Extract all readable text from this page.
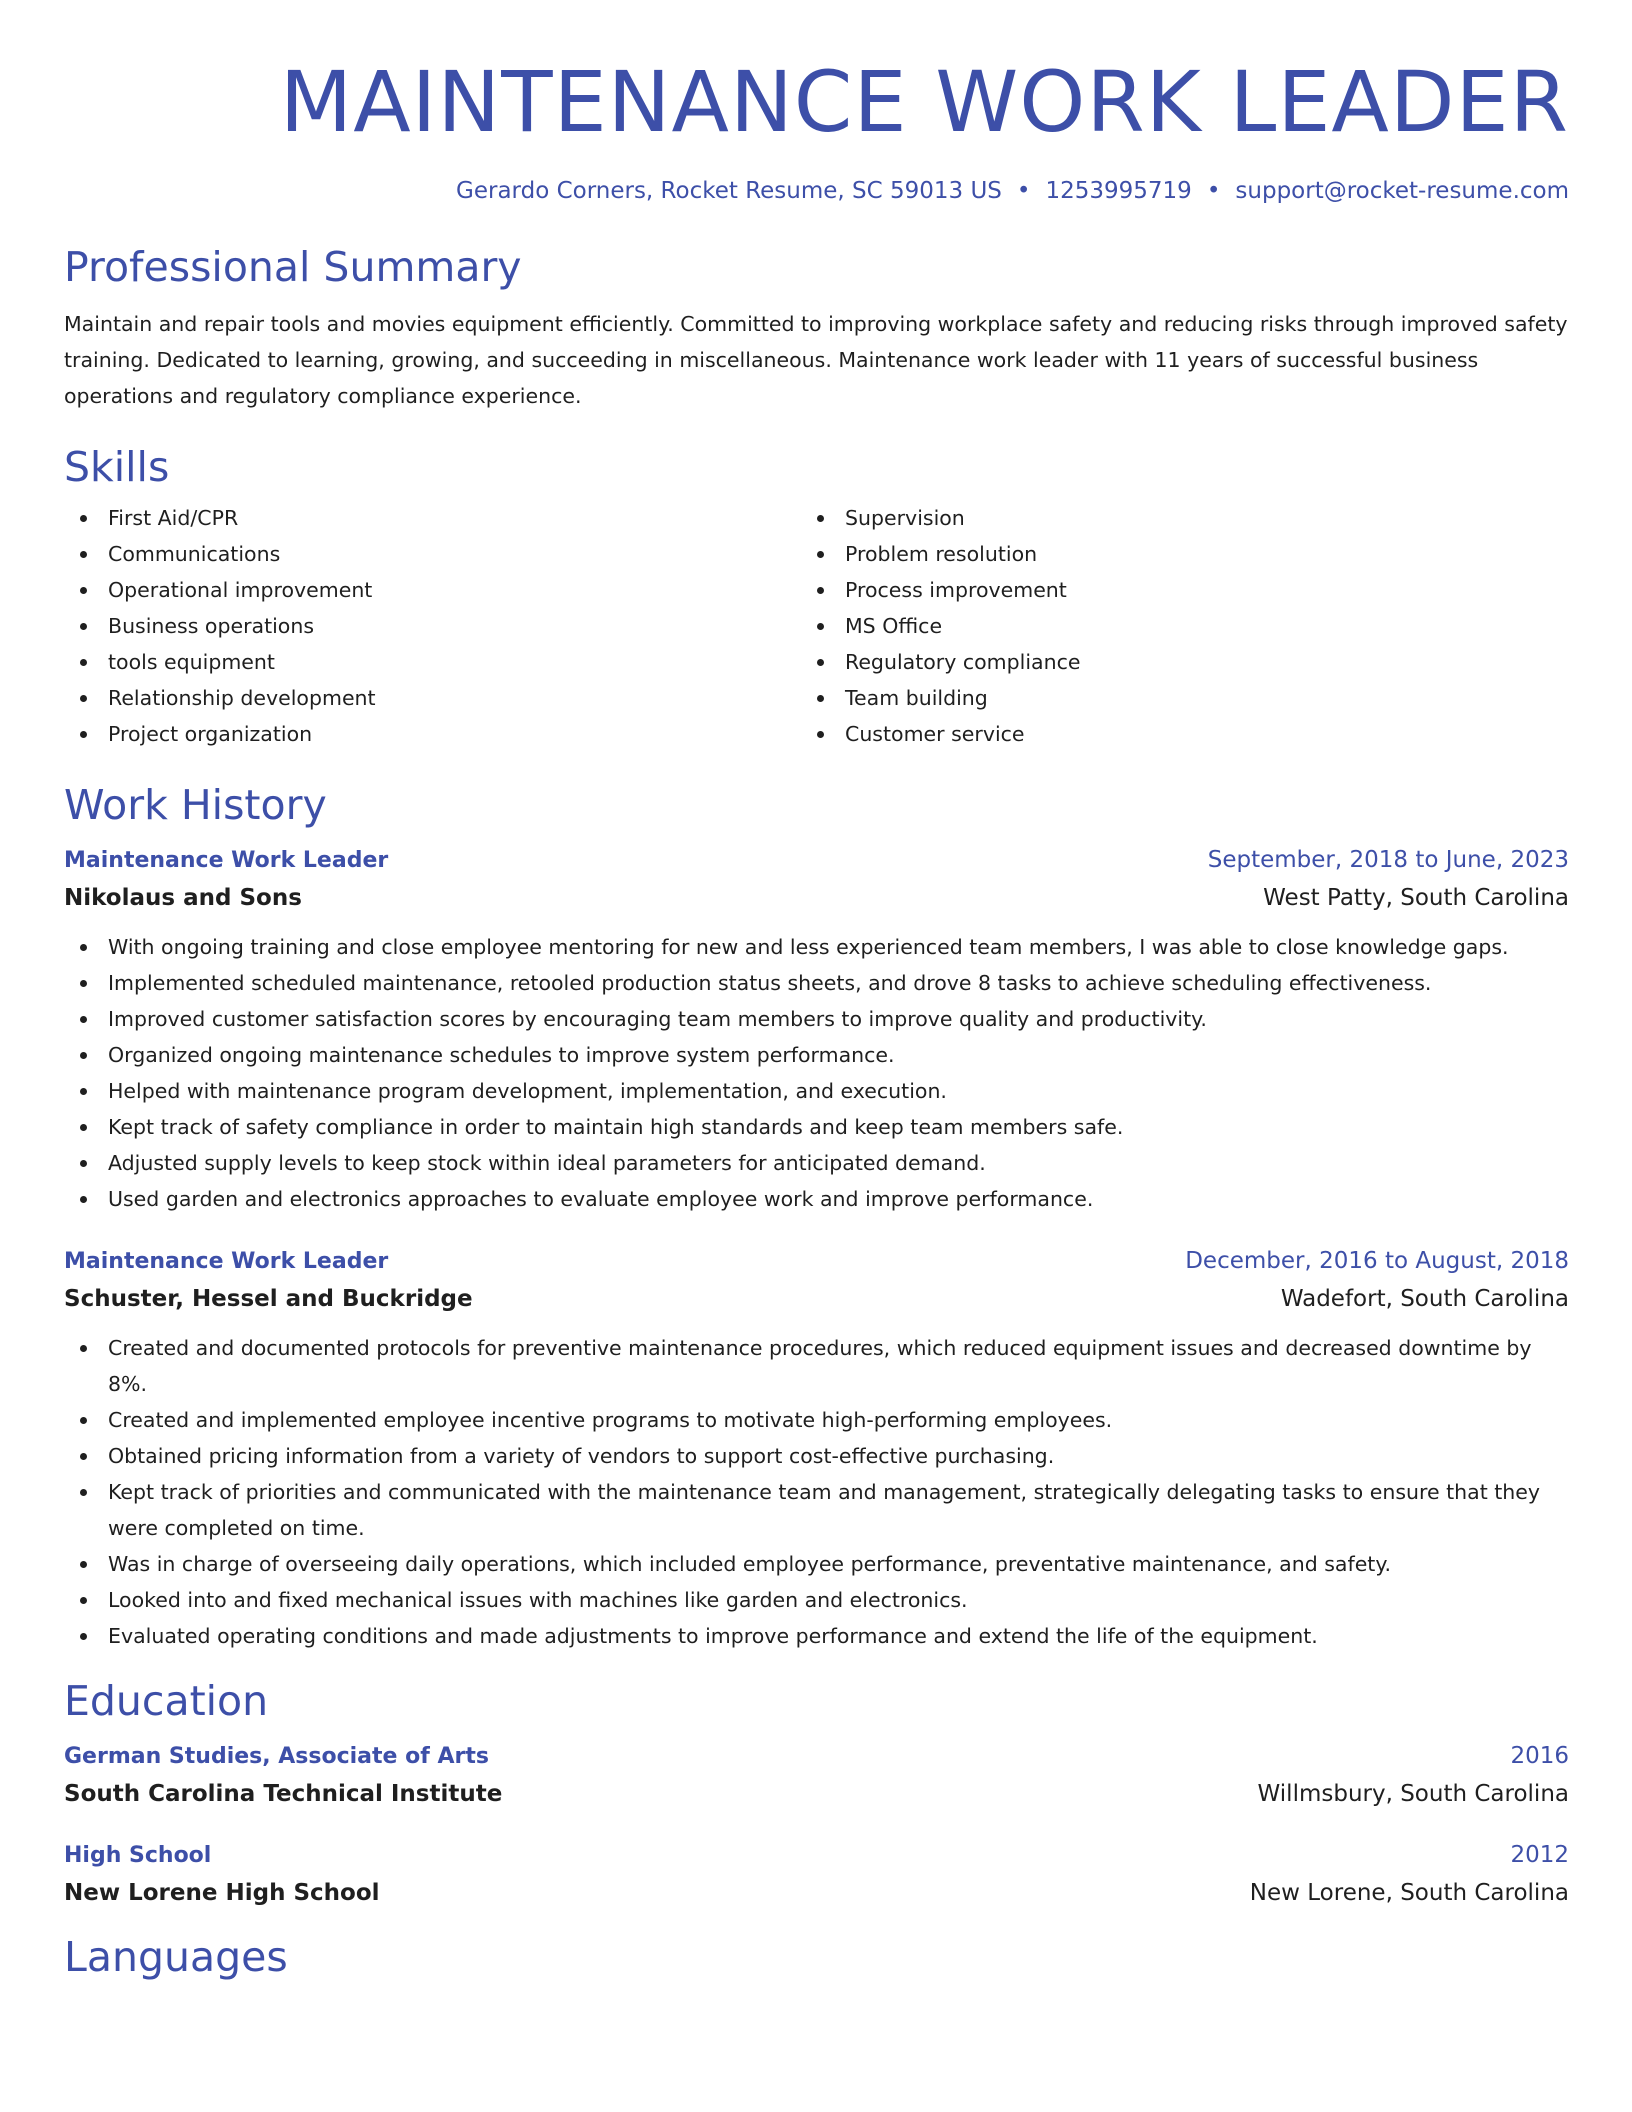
MAINTENANCE WORK LEADER
Gerardo Corners, Rocket Resume, SC 59013 US • 1253995719 • support@rocket-resume.com
Professional Summary
Maintain and repair tools and movies equipment efficiently. Committed to improving workplace safety and reducing risks through improved safety training. Dedicated to learning, growing, and succeeding in miscellaneous. Maintenance work leader with 11 years of successful business operations and regulatory compliance experience.
Skills
First Aid/CPR
Communications
Operational improvement
Business operations
tools equipment
Relationship development
Project organization
Supervision
Problem resolution
Process improvement
MS Office
Regulatory compliance
Team building
Customer service
Work History
Maintenance Work Leader	September, 2018 to June, 2023
Nikolaus and Sons	West Patty, South Carolina
With ongoing training and close employee mentoring for new and less experienced team members, I was able to close knowledge gaps.
Implemented scheduled maintenance, retooled production status sheets, and drove 8 tasks to achieve scheduling effectiveness.
Improved customer satisfaction scores by encouraging team members to improve quality and productivity.
Organized ongoing maintenance schedules to improve system performance.
Helped with maintenance program development, implementation, and execution.
Kept track of safety compliance in order to maintain high standards and keep team members safe.
Adjusted supply levels to keep stock within ideal parameters for anticipated demand.
Used garden and electronics approaches to evaluate employee work and improve performance.
Maintenance Work Leader	December, 2016 to August, 2018
Schuster, Hessel and Buckridge	Wadefort, South Carolina
Created and documented protocols for preventive maintenance procedures, which reduced equipment issues and decreased downtime by 8%.
Created and implemented employee incentive programs to motivate high-performing employees.
Obtained pricing information from a variety of vendors to support cost-effective purchasing.
Kept track of priorities and communicated with the maintenance team and management, strategically delegating tasks to ensure that they were completed on time.
Was in charge of overseeing daily operations, which included employee performance, preventative maintenance, and safety.
Looked into and fixed mechanical issues with machines like garden and electronics.
Evaluated operating conditions and made adjustments to improve performance and extend the life of the equipment.
Education
German Studies, Associate of Arts	2016
South Carolina Technical Institute	Willmsbury, South Carolina
High School	2012
New Lorene High School	New Lorene, South Carolina
Languages
